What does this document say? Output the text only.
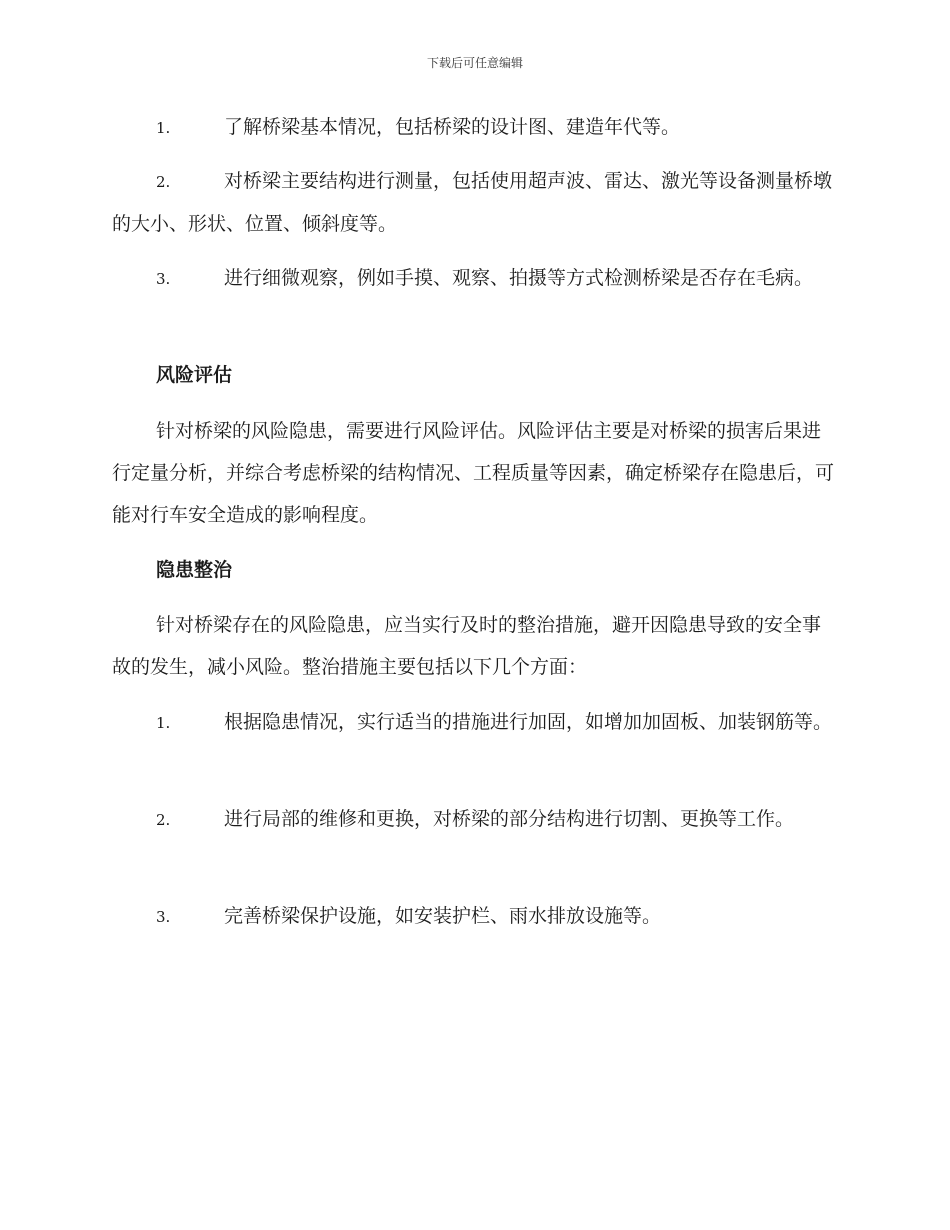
下载后可任意编辑
1.	了解桥梁基本情况，包括桥梁的设计图、建造年代等。
2.	对桥梁主要结构进行测量，包括使用超声波、雷达、激光等设备测量桥墩的大小、形状、位置、倾斜度等。
3.	进行细微观察，例如手摸、观察、拍摄等方式检测桥梁是否存在毛病。
风险评估
针对桥梁的风险隐患，需要进行风险评估。风险评估主要是对桥梁的损害后果进行定量分析，并综合考虑桥梁的结构情况、工程质量等因素，确定桥梁存在隐患后，可能对行车安全造成的影响程度。
隐患整治
针对桥梁存在的风险隐患，应当实行及时的整治措施，避开因隐患导致的安全事故的发生，减小风险。整治措施主要包括以下几个方面：
1.	根据隐患情况，实行适当的措施进行加固，如增加加固板、加装钢筋等。
2.	进行局部的维修和更换，对桥梁的部分结构进行切割、更换等工作。
3.	完善桥梁保护设施，如安装护栏、雨水排放设施等。
